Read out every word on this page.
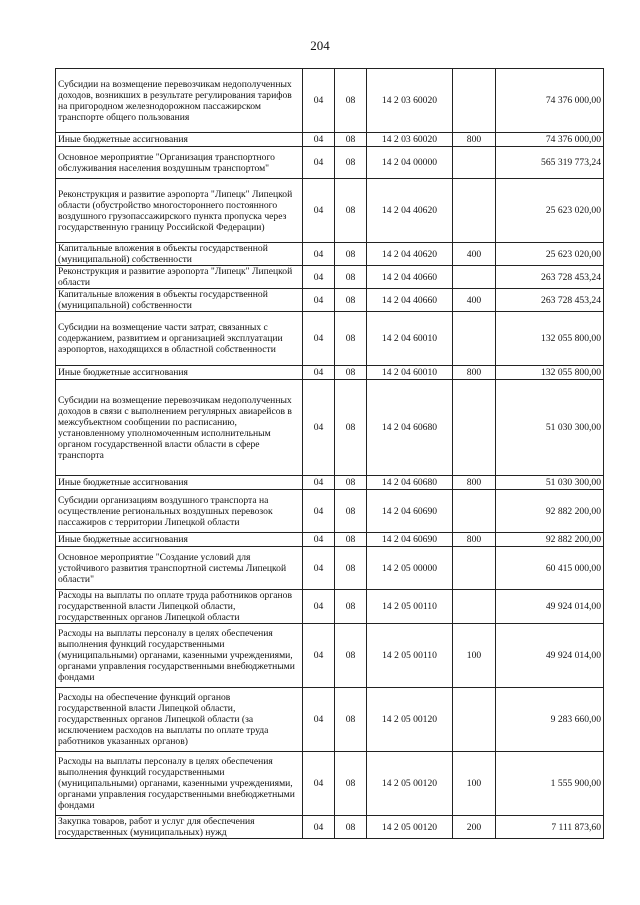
204
Субсидии на возмещение перевозчикам недополученных доходов, возникших в результате регулирования тарифов на пригородном железнодорожном пассажирском транспорте общего пользования	04	08	14 2 03 60020		74 376 000,00
Иные бюджетные ассигнования	04	08	14 2 03 60020	800	74 376 000,00
Основное мероприятие "Организация транспортного обслуживания населения воздушным транспортом"	04	08	14 2 04 00000		565 319 773,24
Реконструкция и развитие аэропорта "Липецк" Липецкой области (обустройство многостороннего постоянного воздушного грузопассажирского пункта пропуска через государственную границу Российской Федерации)	04	08	14 2 04 40620		25 623 020,00
Капитальные вложения в объекты государственной (муниципальной) собственности	04	08	14 2 04 40620	400	25 623 020,00
Реконструкция и развитие аэропорта "Липецк" Липецкой области	04	08	14 2 04 40660		263 728 453,24
Капитальные вложения в объекты государственной (муниципальной) собственности	04	08	14 2 04 40660	400	263 728 453,24
Субсидии на возмещение части затрат, связанных с содержанием, развитием и организацией эксплуатации аэропортов, находящихся в областной собственности	04	08	14 2 04 60010		132 055 800,00
Иные бюджетные ассигнования	04	08	14 2 04 60010	800	132 055 800,00
Субсидии на возмещение перевозчикам недополученных доходов в связи с выполнением регулярных авиарейсов в межсубъектном сообщении по расписанию, установленному уполномоченным исполнительным органом государственной власти области в сфере транспорта	04	08	14 2 04 60680		51 030 300,00
Иные бюджетные ассигнования	04	08	14 2 04 60680	800	51 030 300,00
Субсидии организациям воздушного транспорта на осуществление региональных воздушных перевозок пассажиров с территории Липецкой области	04	08	14 2 04 60690		92 882 200,00
Иные бюджетные ассигнования	04	08	14 2 04 60690	800	92 882 200,00
Основное мероприятие "Создание условий для устойчивого развития транспортной системы Липецкой области"	04	08	14 2 05 00000		60 415 000,00
Расходы на выплаты по оплате труда работников органов государственной власти Липецкой области, государственных органов Липецкой области	04	08	14 2 05 00110		49 924 014,00
Расходы на выплаты персоналу в целях обеспечения выполнения функций государственными (муниципальными) органами, казенными учреждениями, органами управления государственными внебюджетными фондами	04	08	14 2 05 00110	100	49 924 014,00
Расходы на обеспечение функций органов государственной власти Липецкой области, государственных органов Липецкой области (за исключением расходов на выплаты по оплате труда работников указанных органов)	04	08	14 2 05 00120		9 283 660,00
Расходы на выплаты персоналу в целях обеспечения выполнения функций государственными (муниципальными) органами, казенными учреждениями, органами управления государственными внебюджетными фондами	04	08	14 2 05 00120	100	1 555 900,00
Закупка товаров, работ и услуг для обеспечения государственных (муниципальных) нужд	04	08	14 2 05 00120	200	7 111 873,60
